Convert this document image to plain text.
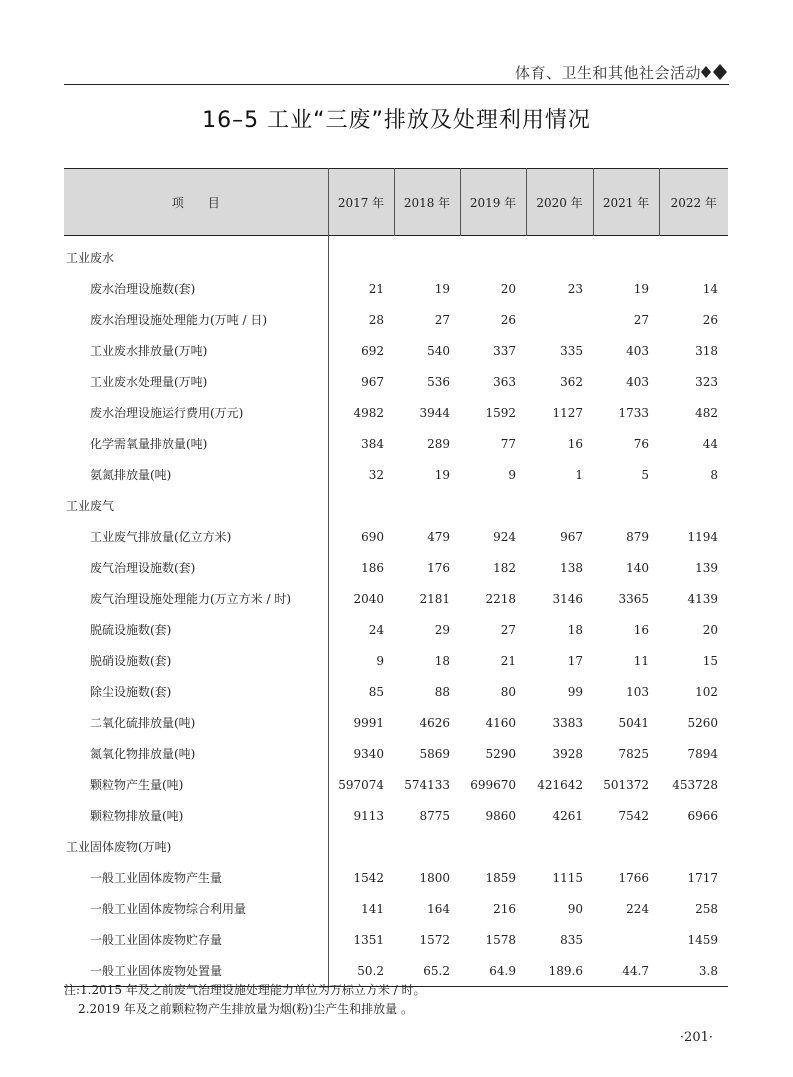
体育、卫生和其他社会活动
16–5 工业“三废”排放及处理利用情况
项　　目	2017 年	2018 年	2019 年	2020 年	2021 年	2022 年
工业废水						
废水治理设施数(套)	21	19	20	23	19	14
废水治理设施处理能力(万吨 / 日)	28	27	26		27	26
工业废水排放量(万吨)	692	540	337	335	403	318
工业废水处理量(万吨)	967	536	363	362	403	323
废水治理设施运行费用(万元)	4982	3944	1592	1127	1733	482
化学需氧量排放量(吨)	384	289	77	16	76	44
氨氮排放量(吨)	32	19	9	1	5	8
工业废气						
工业废气排放量(亿立方米)	690	479	924	967	879	1194
废气治理设施数(套)	186	176	182	138	140	139
废气治理设施处理能力(万立方米 / 时)	2040	2181	2218	3146	3365	4139
脱硫设施数(套)	24	29	27	18	16	20
脱硝设施数(套)	9	18	21	17	11	15
除尘设施数(套)	85	88	80	99	103	102
二氧化硫排放量(吨)	9991	4626	4160	3383	5041	5260
氮氧化物排放量(吨)	9340	5869	5290	3928	7825	7894
颗粒物产生量(吨)	597074	574133	699670	421642	501372	453728
颗粒物排放量(吨)	9113	8775	9860	4261	7542	6966
工业固体废物(万吨)						
一般工业固体废物产生量	1542	1800	1859	1115	1766	1717
一般工业固体废物综合利用量	141	164	216	90	224	258
一般工业固体废物贮存量	1351	1572	1578	835		1459
一般工业固体废物处置量	50.2	65.2	64.9	189.6	44.7	3.8
注:1.2015 年及之前废气治理设施处理能力单位为万标立方米 / 时。
2.2019 年及之前颗粒物产生排放量为烟(粉)尘产生和排放量 。
·201·
